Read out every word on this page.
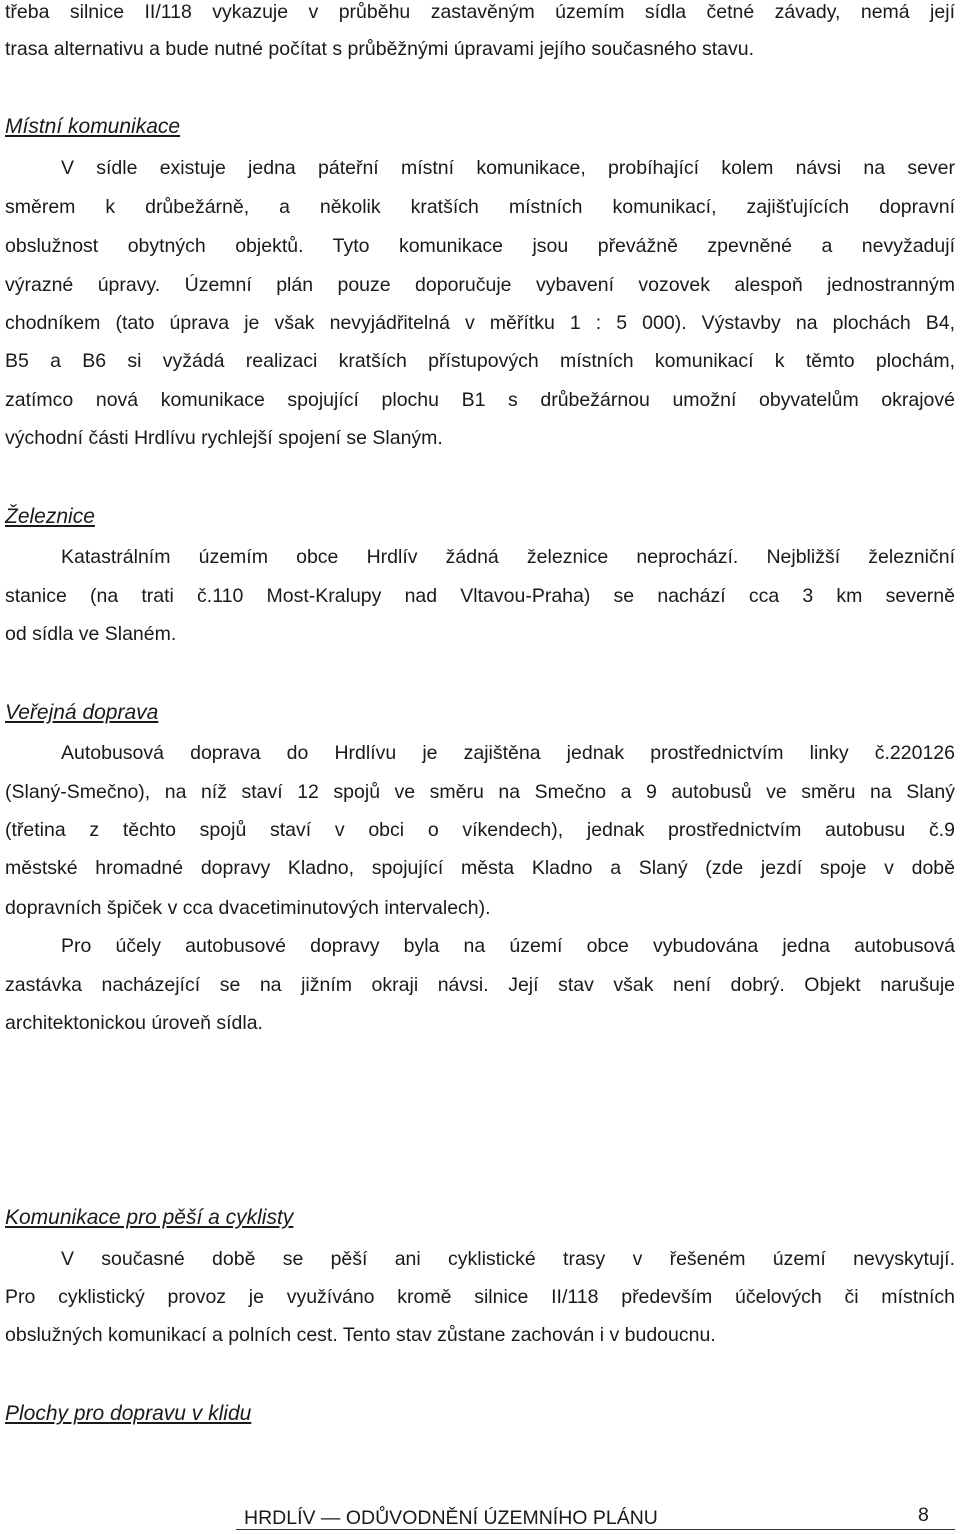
třeba silnice II/118 vykazuje v průběhu zastavěným územím sídla četné závady, nemá její
trasa alternativu a bude nutné počítat s průběžnými úpravami jejího současného stavu.
Místní komunikace
V sídle existuje jedna páteřní místní komunikace, probíhající kolem návsi na sever
směrem k drůbežárně, a několik kratších místních komunikací, zajišťujících dopravní
obslužnost obytných objektů. Tyto komunikace jsou převážně zpevněné a nevyžadují
výrazné úpravy. Územní plán pouze doporučuje vybavení vozovek alespoň jednostranným
chodníkem (tato úprava je však nevyjádřitelná v měřítku 1 : 5 000). Výstavby na plochách B4,
B5 a B6 si vyžádá realizaci kratších přístupových místních komunikací k těmto plochám,
zatímco nová komunikace spojující plochu B1 s drůbežárnou umožní obyvatelům okrajové
východní části Hrdlívu rychlejší spojení se Slaným.
Železnice
Katastrálním územím obce Hrdlív žádná železnice neprochází. Nejbližší železniční
stanice (na trati č.110 Most-Kralupy nad Vltavou-Praha) se nachází cca 3 km severně
od sídla ve Slaném.
Veřejná doprava
Autobusová doprava do Hrdlívu je zajištěna jednak prostřednictvím linky č.220126
(Slaný-Smečno), na níž staví 12 spojů ve směru na Smečno a 9 autobusů ve směru na Slaný
(třetina z těchto spojů staví v obci o víkendech), jednak prostřednictvím autobusu č.9
městské hromadné dopravy Kladno, spojující města Kladno a Slaný (zde jezdí spoje v době
dopravních špiček v cca dvacetiminutových intervalech).
Pro účely autobusové dopravy byla na území obce vybudována jedna autobusová
zastávka nacházející se na jižním okraji návsi. Její stav však není dobrý. Objekt narušuje
architektonickou úroveň sídla.
Komunikace pro pěší a cyklisty
V současné době se pěší ani cyklistické trasy v řešeném území nevyskytují.
Pro cyklistický provoz je využíváno kromě silnice II/118 především účelových či místních
obslužných komunikací a polních cest. Tento stav zůstane zachován i v budoucnu.
Plochy pro dopravu v klidu
HRDLÍV — ODŮVODNĚNÍ ÚZEMNÍHO PLÁNU	8
